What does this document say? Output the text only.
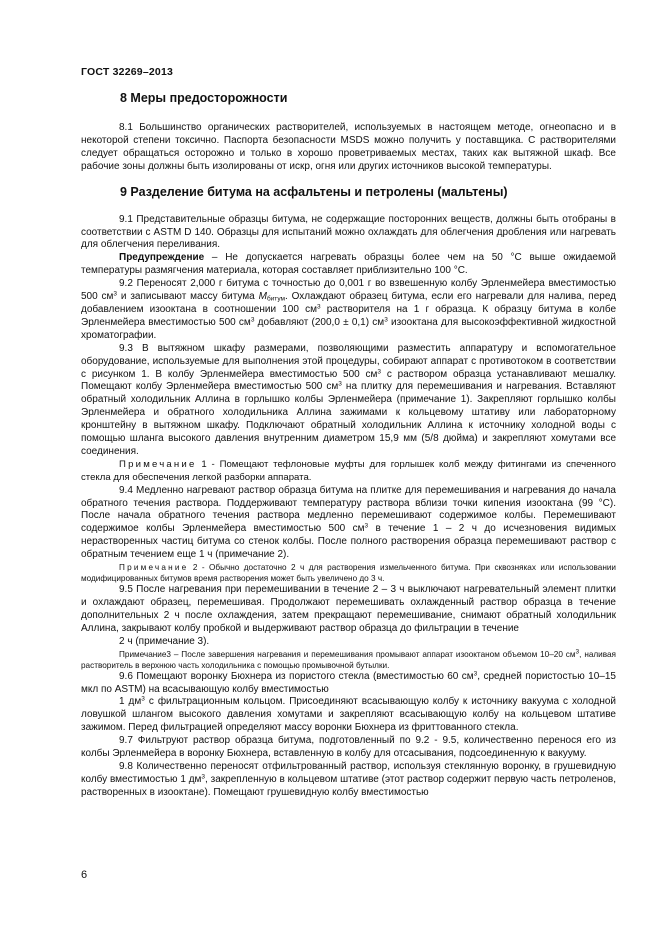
ГОСТ 32269–2013
8 Меры предосторожности

8.1 Большинство органических растворителей, используемых в настоящем методе, огнеопасно и в некоторой степени токсично. Паспорта безопасности MSDS можно получить у поставщика. С растворителями следует обращаться осторожно и только в хорошо проветриваемых местах, таких как вытяжной шкаф. Все рабочие зоны должны быть изолированы от искр, огня или других источников высокой температуры.

9 Разделение битума на асфальтены и петролены (мальтены)

9.1 Представительные образцы битума, не содержащие посторонних веществ, должны быть отобраны в соответствии с ASTM D 140. Образцы для испытаний можно охлаждать для облегчения дробления или нагревать для облегчения переливания.

Предупреждение – Не допускается нагревать образцы более чем на 50 °C выше ожидаемой температуры размягчения материала, которая составляет приблизительно 100 °C.

9.2 Переносят 2,000 г битума с точностью до 0,001 г во взвешенную колбу Эрленмейера вместимостью 500 $см^3$ и записывают массу битума $M_{битум}$. Охлаждают образец битума, если его нагревали для налива, перед добавлением изооктана в соотношении 100 $см^3$ растворителя на 1 г образца. К образцу битума в колбе Эрленмейера вместимостью 500 $см^3$ добавляют (200,0 ± 0,1) $см^3$ изооктана для высокоэффективной жидкостной хроматографии.

9.3 В вытяжном шкафу размерами, позволяющими разместить аппаратуру и вспомогательное оборудование, используемые для выполнения этой процедуры, собирают аппарат с противотоком в соответствии с рисунком 1. В колбу Эрленмейера вместимостью 500 $см^3$ с раствором образца устанавливают мешалку. Помещают колбу Эрленмейера вместимостью 500 $см^3$ на плитку для перемешивания и нагревания. Вставляют обратный холодильник Аллина в горлышко колбы Эрленмейера (примечание 1). Закрепляют горлышко колбы Эрленмейера и обратного холодильника Аллина зажимами к кольцевому штативу или лабораторному кронштейну в вытяжном шкафу. Подключают обратный холодильник Аллина к источнику холодной воды с помощью шланга высокого давления внутренним диаметром 15,9 мм (5/8 дюйма) и закрепляют хомутами все соединения.

Примечание 1 - Помещают тефлоновые муфты для горлышек колб между фитингами из спеченного стекла для обеспечения легкой разборки аппарата.

9.4 Медленно нагревают раствор образца битума на плитке для перемешивания и нагревания до начала обратного течения раствора. Поддерживают температуру раствора вблизи точки кипения изооктана (99 °C). После начала обратного течения раствора медленно перемешивают содержимое колбы. Перемешивают содержимое колбы Эрленмейера вместимостью 500 $см^3$ в течение 1 – 2 ч до исчезновения видимых нерастворенных частиц битума со стенок колбы. После полного растворения образца перемешивают раствор с обратным течением еще 1 ч (примечание 2).

Примечание 2 - Обычно достаточно 2 ч для растворения измельченного битума. При сквозняках или использовании модифицированных битумов время растворения может быть увеличено до 3 ч.

9.5 После нагревания при перемешивании в течение 2 – 3 ч выключают нагревательный элемент плитки и охлаждают образец, перемешивая. Продолжают перемешивать охлажденный раствор образца в течение дополнительных 2 ч после охлаждения, затем прекращают перемешивание, снимают обратный холодильник Аллина, закрывают колбу пробкой и выдерживают раствор образца до фильтрации в течение

2 ч (примечание 3).

Примечание3 – После завершения нагревания и перемешивания промывают аппарат изооктаном объемом 10–20 $см^3$, наливая растворитель в верхнюю часть холодильника с помощью промывочной бутылки.

9.6 Помещают воронку Бюхнера из пористого стекла (вместимостью 60 $см^3$, средней пористостью 10–15 мкл по ASTM) на всасывающую колбу вместимостью

1 $дм^3$ с фильтрационным кольцом. Присоединяют всасывающую колбу к источнику вакуума с холодной ловушкой шлангом высокого давления хомутами и закрепляют всасывающую колбу на кольцевом штативе зажимом. Перед фильтрацией определяют массу воронки Бюхнера из фриттованного стекла.

9.7 Фильтруют раствор образца битума, подготовленный по 9.2 - 9.5, количественно перенося его из колбы Эрленмейера в воронку Бюхнера, вставленную в колбу для отсасывания, подсоединенную к вакууму.

9.8 Количественно переносят отфильтрованный раствор, используя стеклянную воронку, в грушевидную колбу вместимостью 1 $дм^3$, закрепленную в кольцевом штативе (этот раствор содержит первую часть петроленов, растворенных в изооктане). Помещают грушевидную колбу вместимостью

6
